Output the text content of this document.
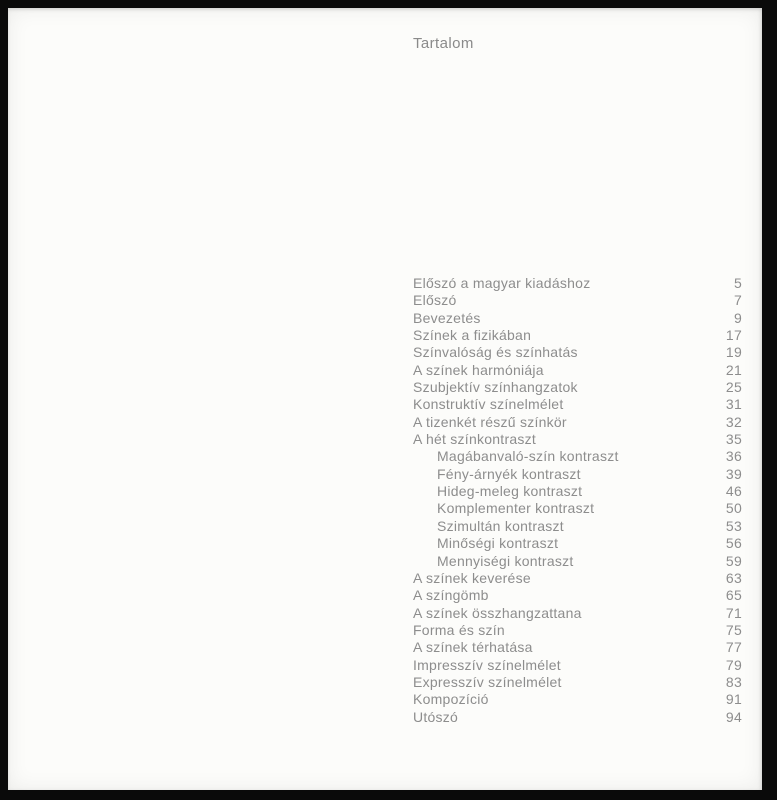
Tartalom
Előszó a magyar kiadáshoz	5
Előszó	7
Bevezetés	9
Színek a fizikában	17
Színvalóság és színhatás	19
A színek harmóniája	21
Szubjektív színhangzatok	25
Konstruktív színelmélet	31
A tizenkét részű színkör	32
A hét színkontraszt	35
Magábanvaló-szín kontraszt	36
Fény-árnyék kontraszt	39
Hideg-meleg kontraszt	46
Komplementer kontraszt	50
Szimultán kontraszt	53
Minőségi kontraszt	56
Mennyiségi kontraszt	59
A színek keverése	63
A színgömb	65
A színek összhangzattana	71
Forma és szín	75
A színek térhatása	77
Impresszív színelmélet	79
Expresszív színelmélet	83
Kompozíció	91
Utószó	94
